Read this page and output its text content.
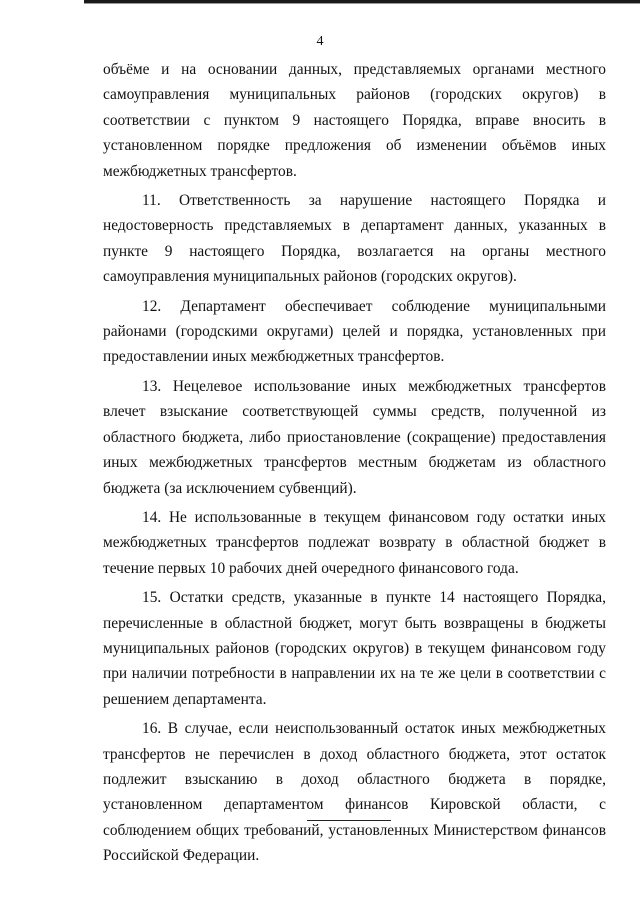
4

объёме и на основании данных, представляемых органами местного самоуправления муниципальных районов (городских округов) в соответствии с пунктом 9 настоящего Порядка, вправе вносить в установленном порядке предложения об изменении объёмов иных межбюджетных трансфертов.

11. Ответственность за нарушение настоящего Порядка и недостоверность представляемых в департамент данных, указанных в пункте 9 настоящего Порядка, возлагается на органы местного самоуправления муниципальных районов (городских округов).

12. Департамент обеспечивает соблюдение муниципальными районами (городскими округами) целей и порядка, установленных при предоставлении иных межбюджетных трансфертов.

13. Нецелевое использование иных межбюджетных трансфертов влечет взыскание соответствующей суммы средств, полученной из областного бюджета, либо приостановление (сокращение) предоставления иных межбюджетных трансфертов местным бюджетам из областного бюджета (за исключением субвенций).

14. Не использованные в текущем финансовом году остатки иных межбюджетных трансфертов подлежат возврату в областной бюджет в течение первых 10 рабочих дней очередного финансового года.

15. Остатки средств, указанные в пункте 14 настоящего Порядка, перечисленные в областной бюджет, могут быть возвращены в бюджеты муниципальных районов (городских округов) в текущем финансовом году при наличии потребности в направлении их на те же цели в соответствии с решением департамента.

16. В случае, если неиспользованный остаток иных межбюджетных трансфертов не перечислен в доход областного бюджета, этот остаток подлежит взысканию в доход областного бюджета в порядке, установленном департаментом финансов Кировской области, с соблюдением общих требований, установленных Министерством финансов Российской Федерации.
